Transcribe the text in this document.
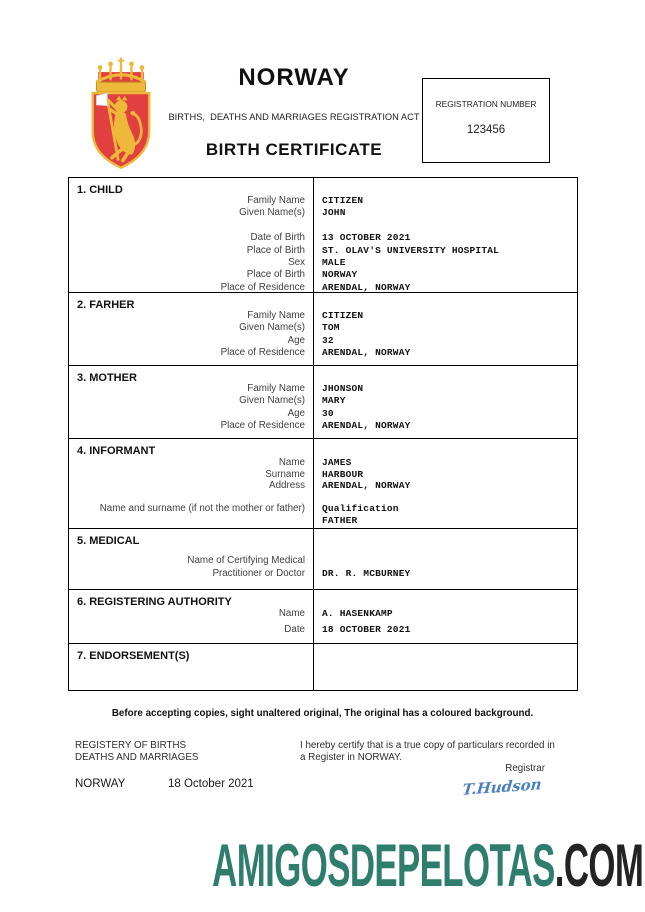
NORWAY
BIRTHS,  DEATHS AND MARRIAGES REGISTRATION ACT
BIRTH CERTIFICATE
REGISTRATION NUMBER
123456
1. CHILD
Family Name
Given Name(s)
Date of Birth
Place of Birth
Sex
Place of Birth
Place of Residence
CITIZEN
JOHN
13 OCTOBER 2021
ST. OLAV'S UNIVERSITY HOSPITAL
MALE
NORWAY
ARENDAL, NORWAY
2. FARHER
Family Name
Given Name(s)
Age
Place of Residence
CITIZEN
TOM
32
ARENDAL, NORWAY
3. MOTHER
Family Name
Given Name(s)
Age
Place of Residence
JHONSON
MARY
30
ARENDAL, NORWAY
4. INFORMANT
Name
Surname
Address
Name and surname (if not the mother or father)
JAMES
HARBOUR
ARENDAL, NORWAY
Qualification
FATHER
5. MEDICAL
Name of Certifying Medical
Practitioner or Doctor DR. R. MCBURNEY
6. REGISTERING AUTHORITY
Name
Date
A. HASENKAMP
18 OCTOBER 2021
7. ENDORSEMENT(S)
Before accepting copies, sight unaltered original, The original has a coloured background.
REGISTERY OF BIRTHS
DEATHS AND MARRIAGES
I hereby certify that is a true copy of particulars recorded in a Register in NORWAY.
Registrar
NORWAY	18 October 2021	T.Hudson
AMIGOSDEPELOTAS.COM
